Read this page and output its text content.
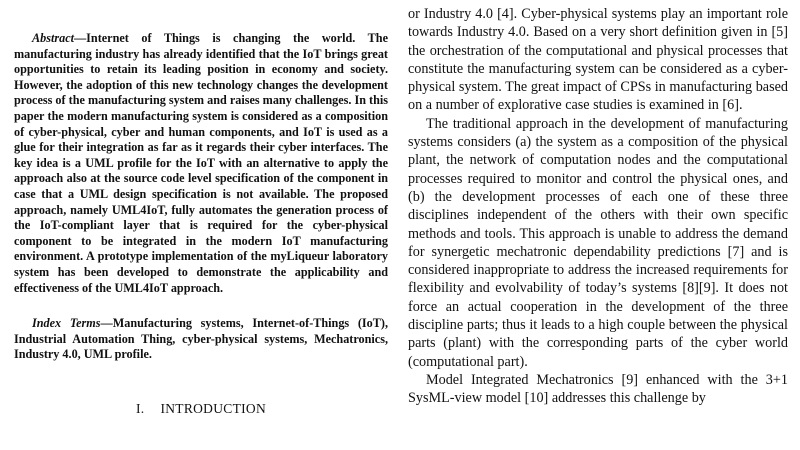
Abstract—Internet of Things is changing the world. The manufacturing industry has already identified that the IoT brings great opportunities to retain its leading position in economy and society. However, the adoption of this new technology changes the development process of the manufacturing system and raises many challenges. In this paper the modern manufacturing system is considered as a composition of cyber-physical, cyber and human components, and IoT is used as a glue for their integration as far as it regards their cyber interfaces. The key idea is a UML profile for the IoT with an alternative to apply the approach also at the source code level specification of the component in case that a UML design specification is not available. The proposed approach, namely UML4IoT, fully automates the generation process of the IoT-compliant layer that is required for the cyber-physical component to be integrated in the modern IoT manufacturing environment. A prototype implementation of the myLiqueur laboratory system has been developed to demonstrate the applicability and effectiveness of the UML4IoT approach.

Index Terms—Manufacturing systems, Internet-of-Things (IoT), Industrial Automation Thing, cyber-physical systems, Mechatronics, Industry 4.0, UML profile.

I. INTRODUCTION

or Industry 4.0 [4]. Cyber-physical systems play an important role towards Industry 4.0. Based on a very short definition given in [5] the orchestration of the computational and physical processes that constitute the manufacturing system can be considered as a cyber-physical system. The great impact of CPSs in manufacturing based on a number of explorative case studies is examined in [6].

The traditional approach in the development of manufacturing systems considers (a) the system as a composition of the physical plant, the network of computation nodes and the computational processes required to monitor and control the physical ones, and (b) the development processes of each one of these three disciplines independent of the others with their own specific methods and tools. This approach is unable to address the demand for synergetic mechatronic dependability predictions [7] and is considered inappropriate to address the increased requirements for flexibility and evolvability of today’s systems [8][9]. It does not force an actual cooperation in the development of the three discipline parts; thus it leads to a high couple between the physical parts (plant) with the corresponding parts of the cyber world (computational part).

Model Integrated Mechatronics [9] enhanced with the 3+1 SysML-view model [10] addresses this challenge by
